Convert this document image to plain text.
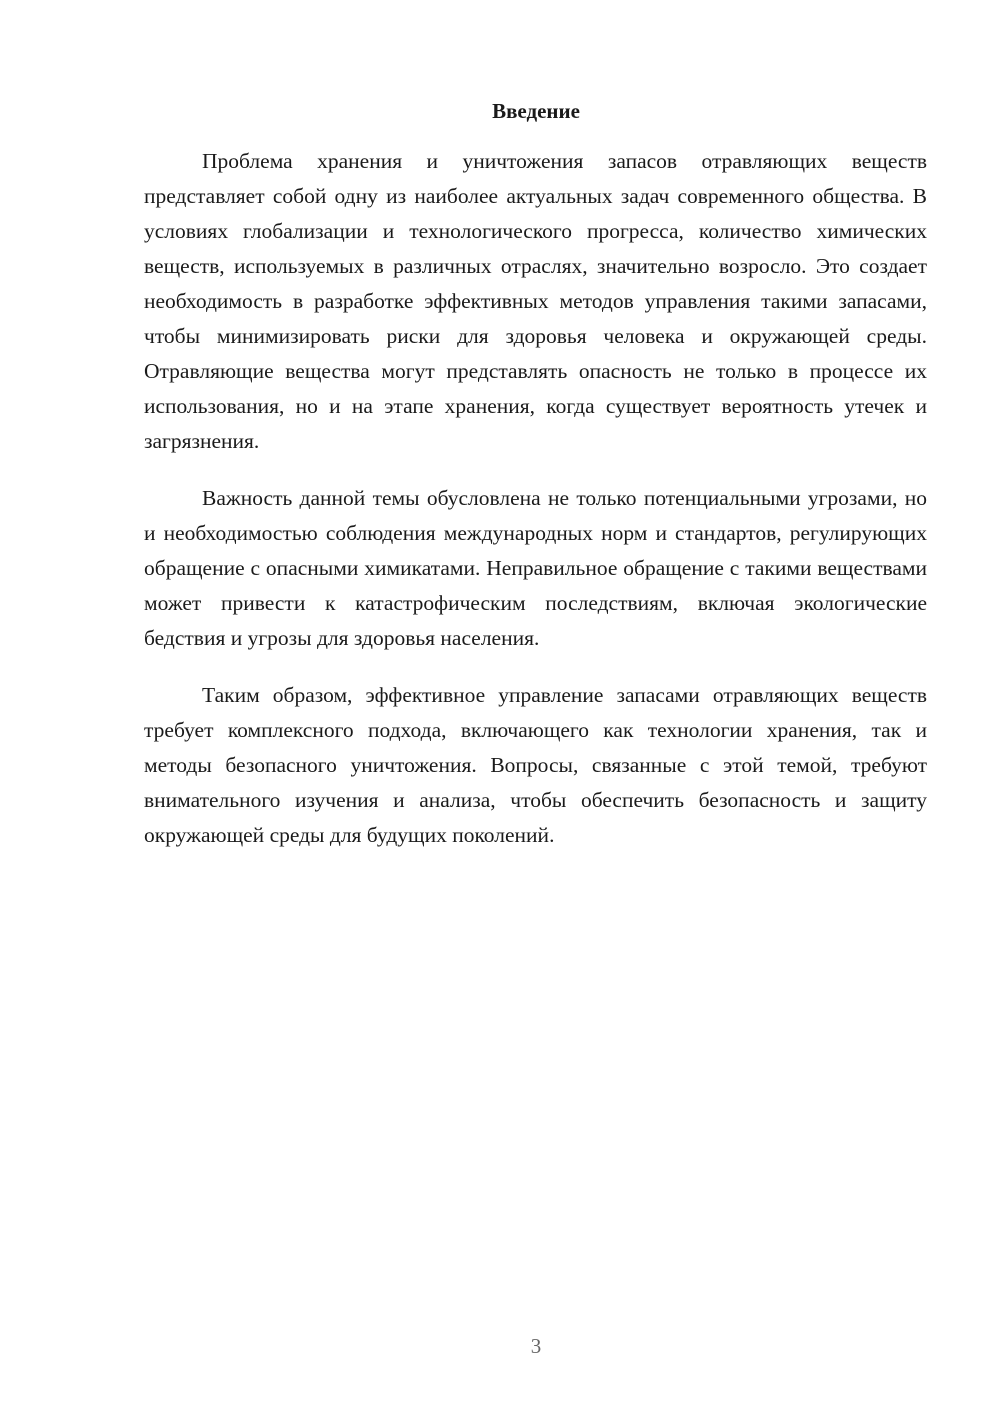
Введение

Проблема хранения и уничтожения запасов отравляющих веществ представляет собой одну из наиболее актуальных задач современного общества. В условиях глобализации и технологического прогресса, количество химических веществ, используемых в различных отраслях, значительно возросло. Это создает необходимость в разработке эффективных методов управления такими запасами, чтобы минимизировать риски для здоровья человека и окружающей среды. Отравляющие вещества могут представлять опасность не только в процессе их использования, но и на этапе хранения, когда существует вероятность утечек и загрязнения.

Важность данной темы обусловлена не только потенциальными угрозами, но и необходимостью соблюдения международных норм и стандартов, регулирующих обращение с опасными химикатами. Неправильное обращение с такими веществами может привести к катастрофическим последствиям, включая экологические бедствия и угрозы для здоровья населения.

Таким образом, эффективное управление запасами отравляющих веществ требует комплексного подхода, включающего как технологии хранения, так и методы безопасного уничтожения. Вопросы, связанные с этой темой, требуют внимательного изучения и анализа, чтобы обеспечить безопасность и защиту окружающей среды для будущих поколений.

3
